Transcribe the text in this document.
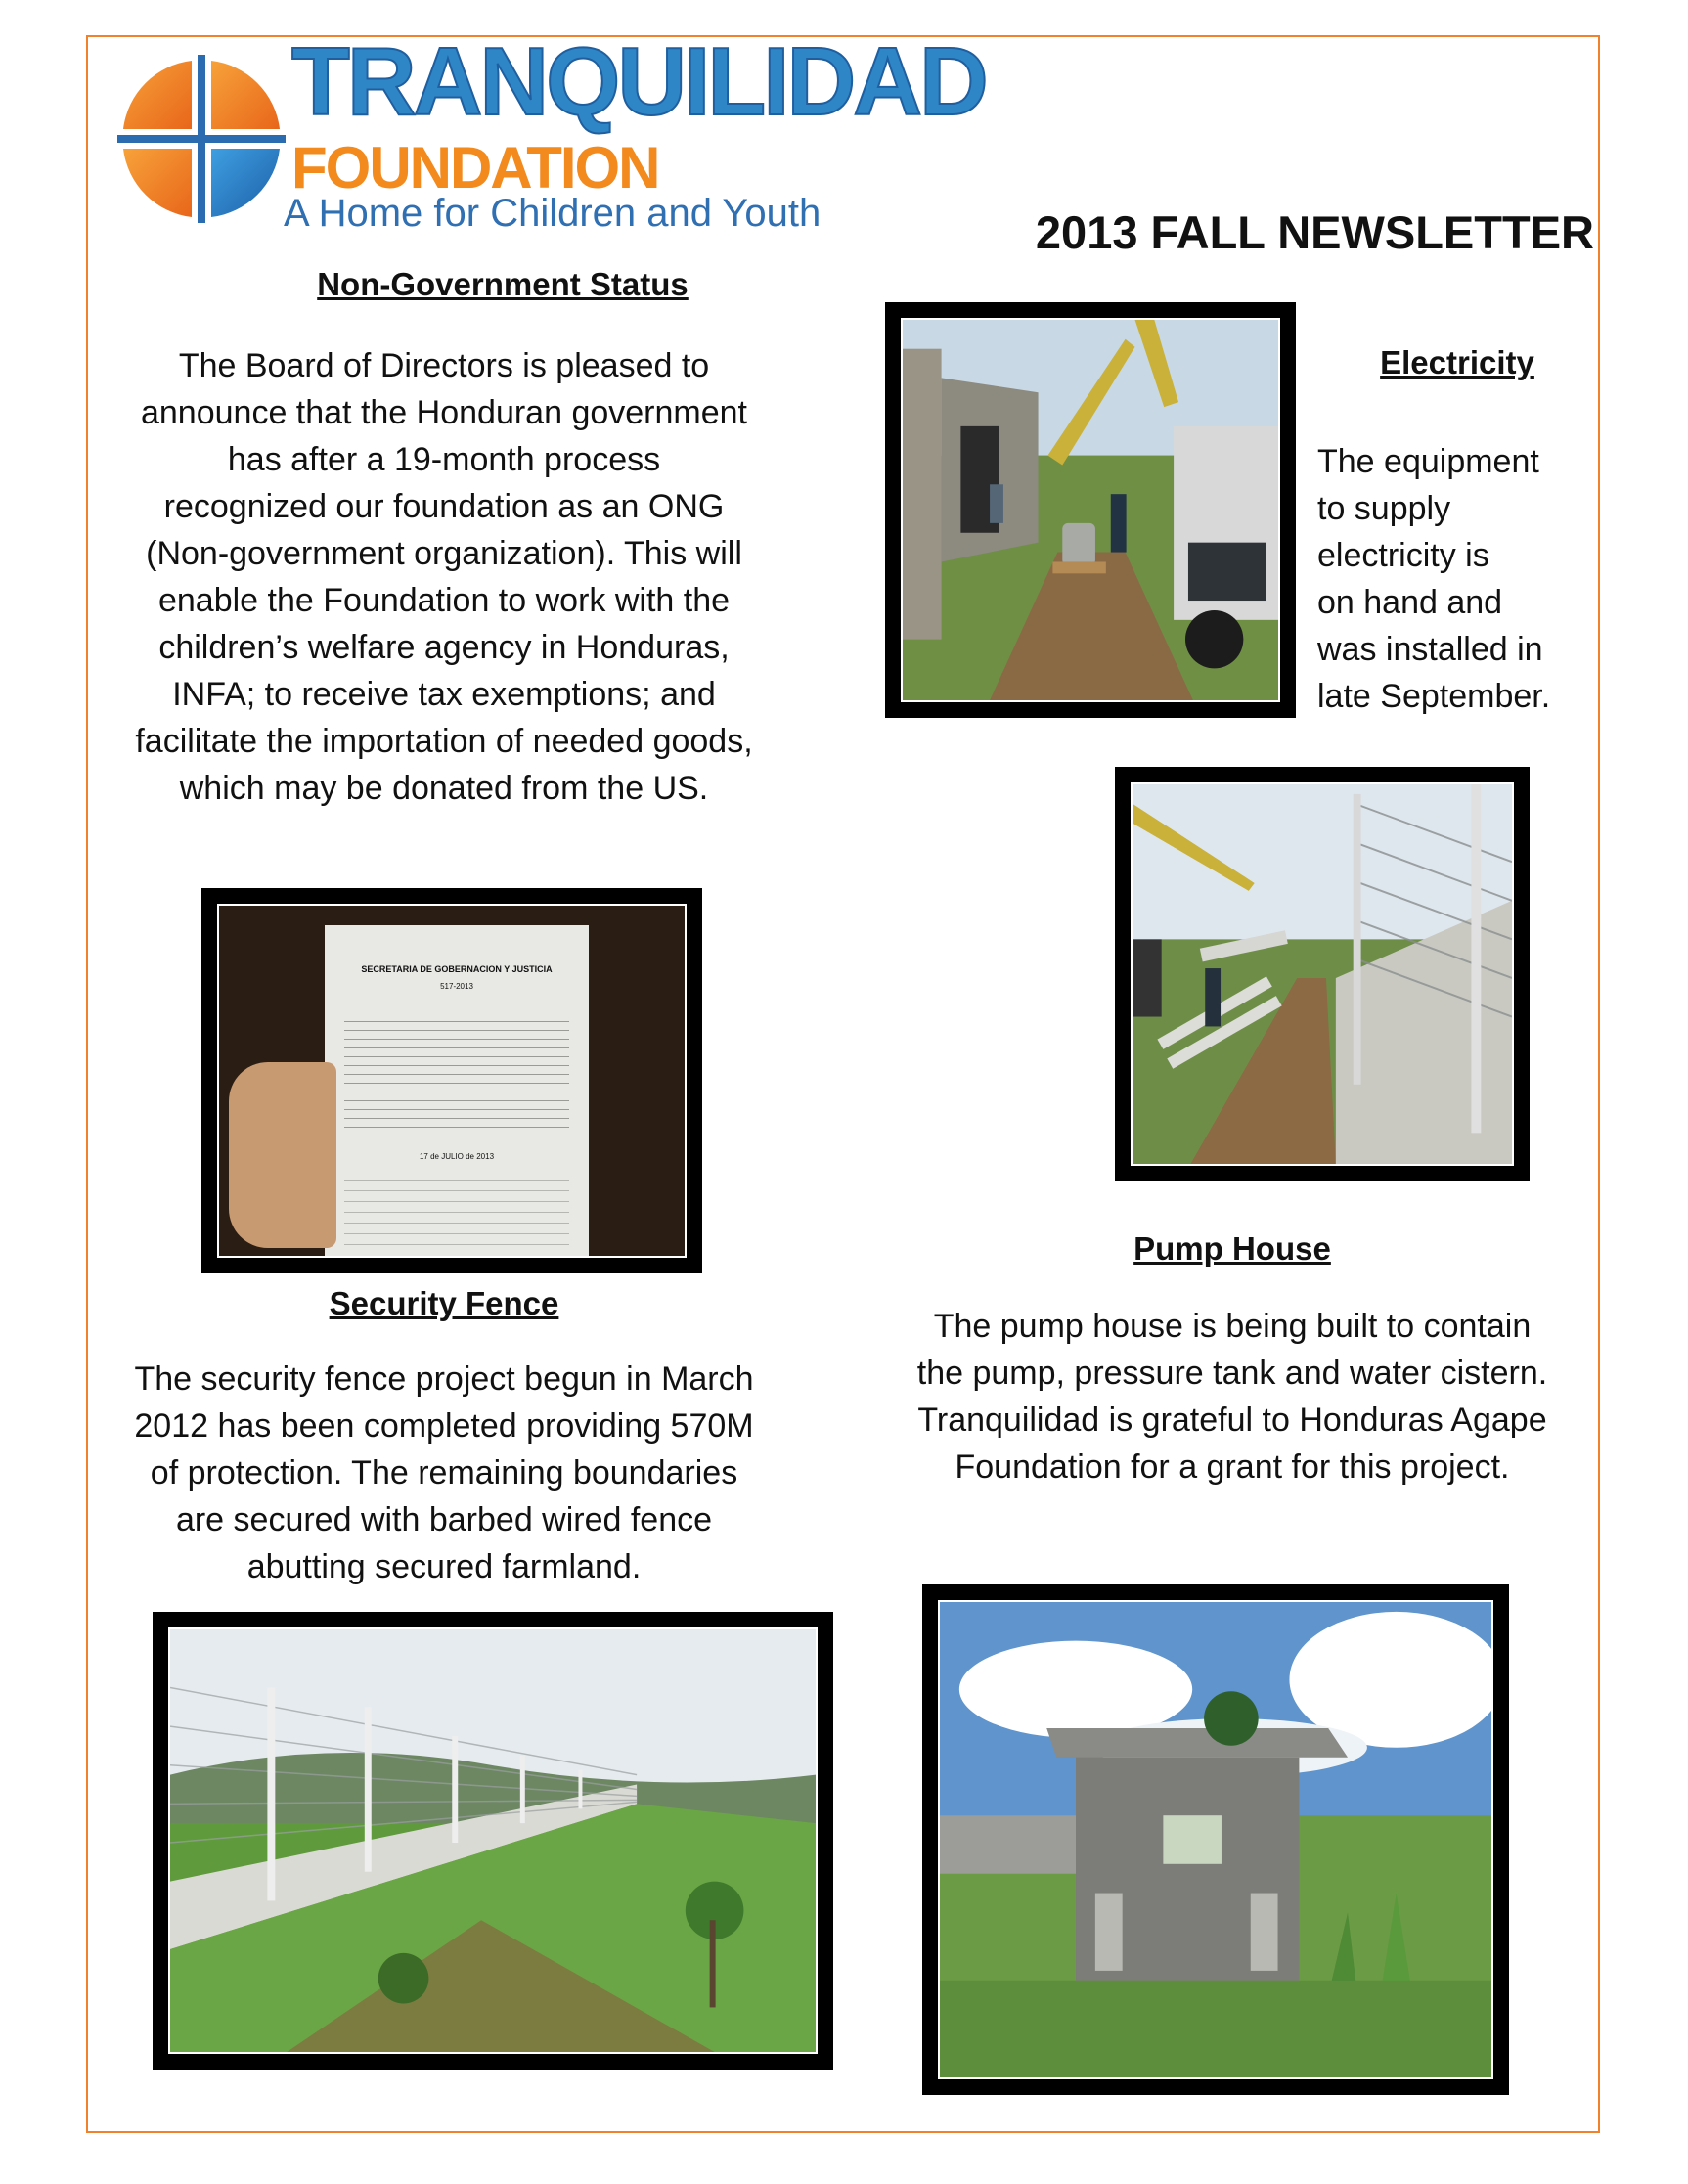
TRANQUILIDAD
FOUNDATION
A Home for Children and Youth	2013 FALL NEWSLETTER
Non-Government Status
The Board of Directors is pleased to
announce that the Honduran government
has after a 19-month process
recognized our foundation as an ONG
(Non-government organization). This will
enable the Foundation to work with the
children’s welfare agency in Honduras,
INFA; to receive tax exemptions; and
facilitate the importation of needed goods,
which may be donated from the US.
Electricity
The equipment
to supply
electricity is
on hand and
was installed in
late September.
SECRETARIA DE GOBERNACION Y JUSTICIA
517-2013
17 de JULIO de 2013
Security Fence
The security fence project begun in March
2012 has been completed providing 570M
of protection. The remaining boundaries
are secured with barbed wired fence
abutting secured farmland.
Pump House
The pump house is being built to contain
the pump, pressure tank and water cistern.
Tranquilidad is grateful to Honduras Agape
Foundation for a grant for this project.
